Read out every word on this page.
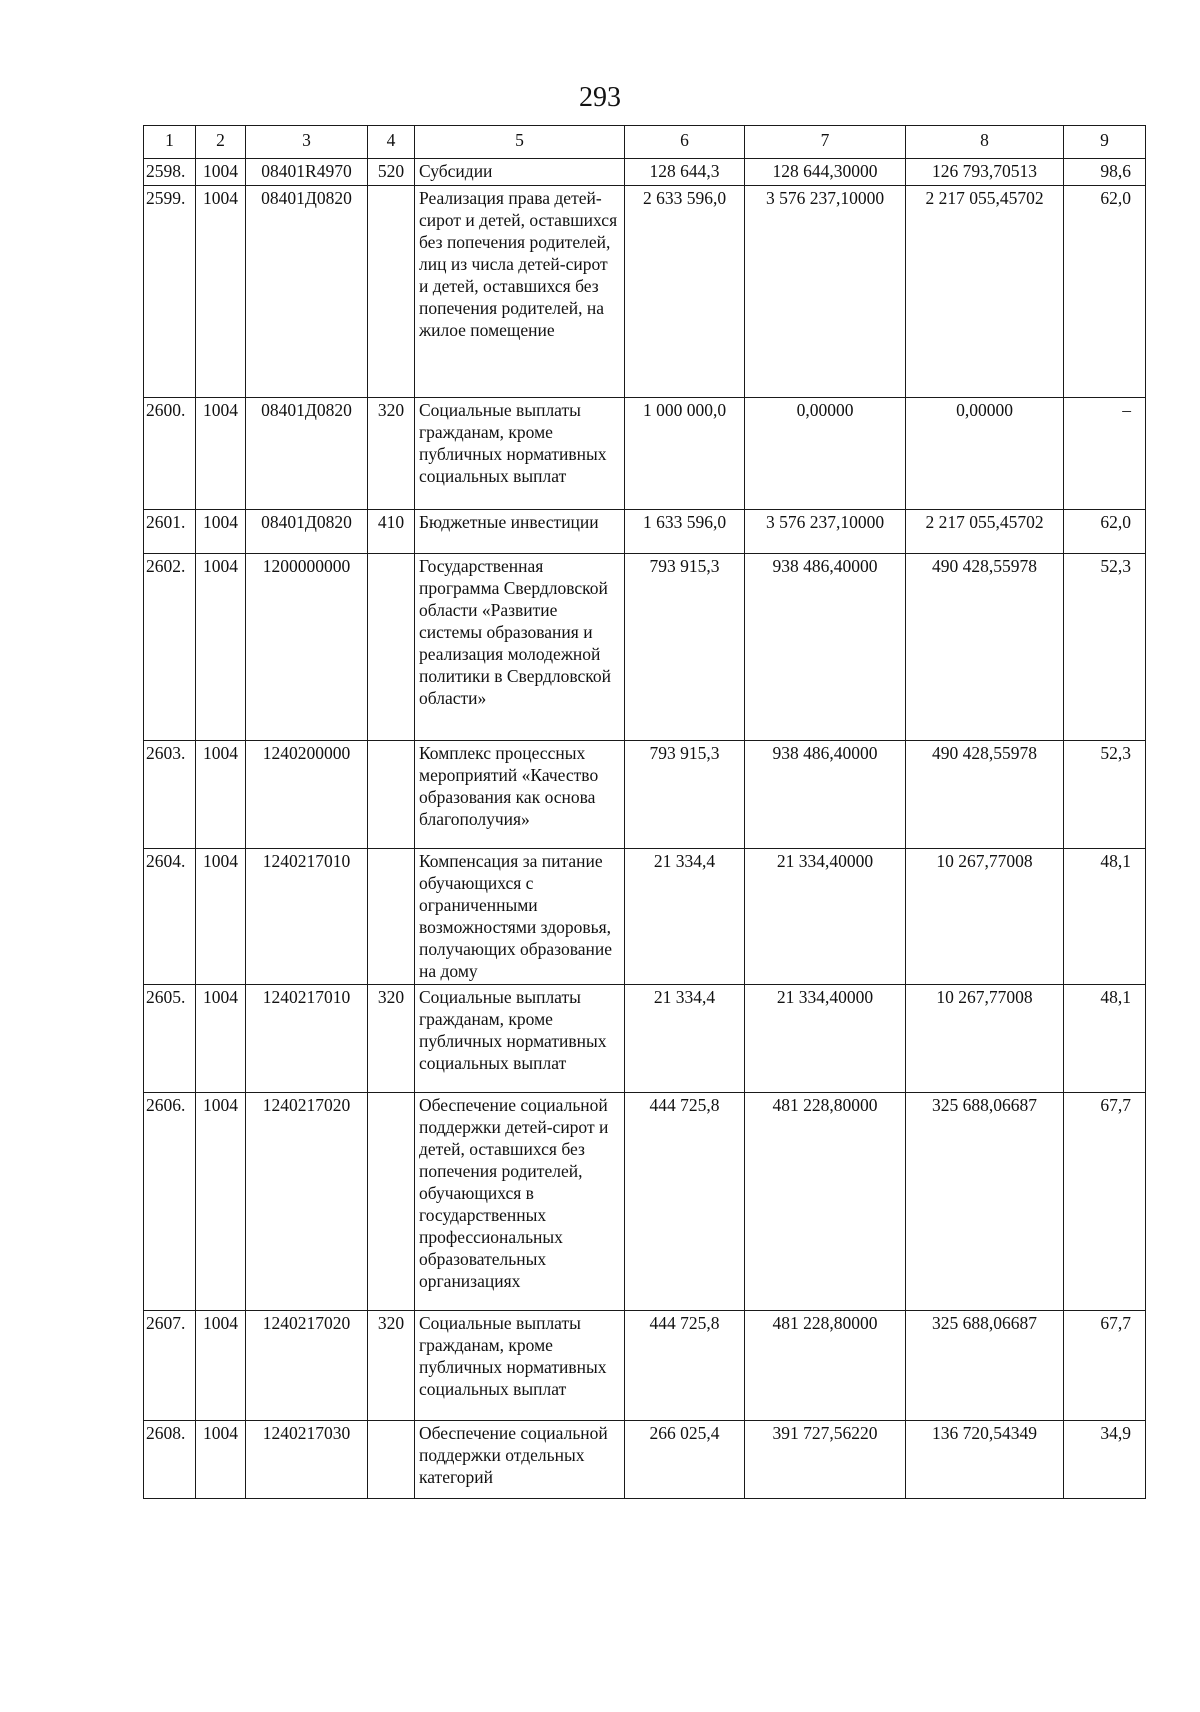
293
1	2	3	4	5	6	7	8	9
2598.	1004	08401R4970	520	Субсидии	128 644,3	128 644,30000	126 793,70513	98,6
2599.	1004	08401Д0820		Реализация права детей-сирот и детей, оставшихся без попечения родителей, лиц из числа детей-сирот и детей, оставшихся без попечения родителей, на жилое помещение	2 633 596,0	3 576 237,10000	2 217 055,45702	62,0
2600.	1004	08401Д0820	320	Социальные выплаты гражданам, кроме публичных нормативных социальных выплат	1 000 000,0	0,00000	0,00000	–
2601.	1004	08401Д0820	410	Бюджетные инвестиции	1 633 596,0	3 576 237,10000	2 217 055,45702	62,0
2602.	1004	1200000000		Государственная программа Свердловской области «Развитие системы образования и реализация молодежной политики в Свердловской области»	793 915,3	938 486,40000	490 428,55978	52,3
2603.	1004	1240200000		Комплекс процессных мероприятий «Качество образования как основа благополучия»	793 915,3	938 486,40000	490 428,55978	52,3
2604.	1004	1240217010		Компенсация за питание обучающихся с ограниченными возможностями здоровья, получающих образование на дому	21 334,4	21 334,40000	10 267,77008	48,1
2605.	1004	1240217010	320	Социальные выплаты гражданам, кроме публичных нормативных социальных выплат	21 334,4	21 334,40000	10 267,77008	48,1
2606.	1004	1240217020		Обеспечение социальной поддержки детей-сирот и детей, оставшихся без попечения родителей, обучающихся в государственных профессиональных образовательных организациях	444 725,8	481 228,80000	325 688,06687	67,7
2607.	1004	1240217020	320	Социальные выплаты гражданам, кроме публичных нормативных социальных выплат	444 725,8	481 228,80000	325 688,06687	67,7
2608.	1004	1240217030		Обеспечение социальной поддержки отдельных категорий	266 025,4	391 727,56220	136 720,54349	34,9
